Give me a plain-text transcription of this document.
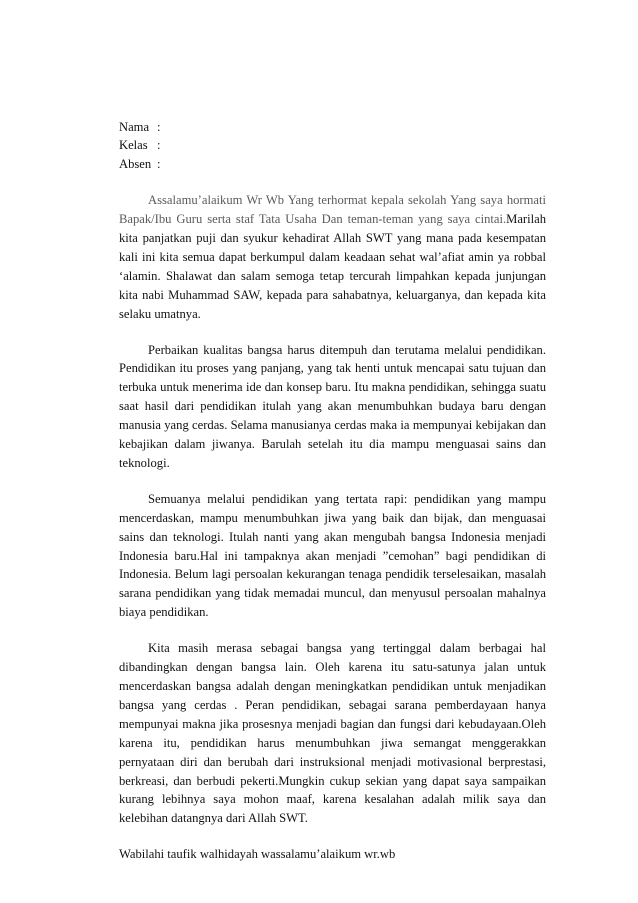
Nama :
Kelas :
Absen :

Assalamu’alaikum Wr Wb Yang terhormat kepala sekolah Yang saya hormati Bapak/Ibu Guru serta staf Tata Usaha Dan teman-teman yang saya cintai.Marilah kita panjatkan puji dan syukur kehadirat Allah SWT yang mana pada kesempatan kali ini kita semua dapat berkumpul dalam keadaan sehat wal’afiat amin ya robbal ‘alamin. Shalawat dan salam semoga tetap tercurah limpahkan kepada junjungan kita nabi Muhammad SAW, kepada para sahabatnya, keluarganya, dan kepada kita selaku umatnya.

Perbaikan kualitas bangsa harus ditempuh dan terutama melalui pendidikan. Pendidikan itu proses yang panjang, yang tak henti untuk mencapai satu tujuan dan terbuka untuk menerima ide dan konsep baru. Itu makna pendidikan, sehingga suatu saat hasil dari pendidikan itulah yang akan menumbuhkan budaya baru dengan manusia yang cerdas. Selama manusianya cerdas maka ia mempunyai kebijakan dan kebajikan dalam jiwanya. Barulah setelah itu dia mampu menguasai sains dan teknologi.

Semuanya melalui pendidikan yang tertata rapi: pendidikan yang mampu mencerdaskan, mampu menumbuhkan jiwa yang baik dan bijak, dan menguasai sains dan teknologi. Itulah nanti yang akan mengubah bangsa Indonesia menjadi Indonesia baru.Hal ini tampaknya akan menjadi ”cemohan” bagi pendidikan di Indonesia. Belum lagi persoalan kekurangan tenaga pendidik terselesaikan, masalah sarana pendidikan yang tidak memadai muncul, dan menyusul persoalan mahalnya biaya pendidikan.

Kita masih merasa sebagai bangsa yang tertinggal dalam berbagai hal dibandingkan dengan bangsa lain. Oleh karena itu satu-satunya jalan untuk mencerdaskan bangsa adalah dengan meningkatkan pendidikan untuk menjadikan bangsa yang cerdas . Peran pendidikan, sebagai sarana pemberdayaan hanya mempunyai makna jika prosesnya menjadi bagian dan fungsi dari kebudayaan.Oleh karena itu, pendidikan harus menumbuhkan jiwa semangat menggerakkan pernyataan diri dan berubah dari instruksional menjadi motivasional berprestasi, berkreasi, dan berbudi pekerti.Mungkin cukup sekian yang dapat saya sampaikan kurang lebihnya saya mohon maaf, karena kesalahan adalah milik saya dan kelebihan datangnya dari Allah SWT.

Wabilahi taufik walhidayah wassalamu’alaikum wr.wb
